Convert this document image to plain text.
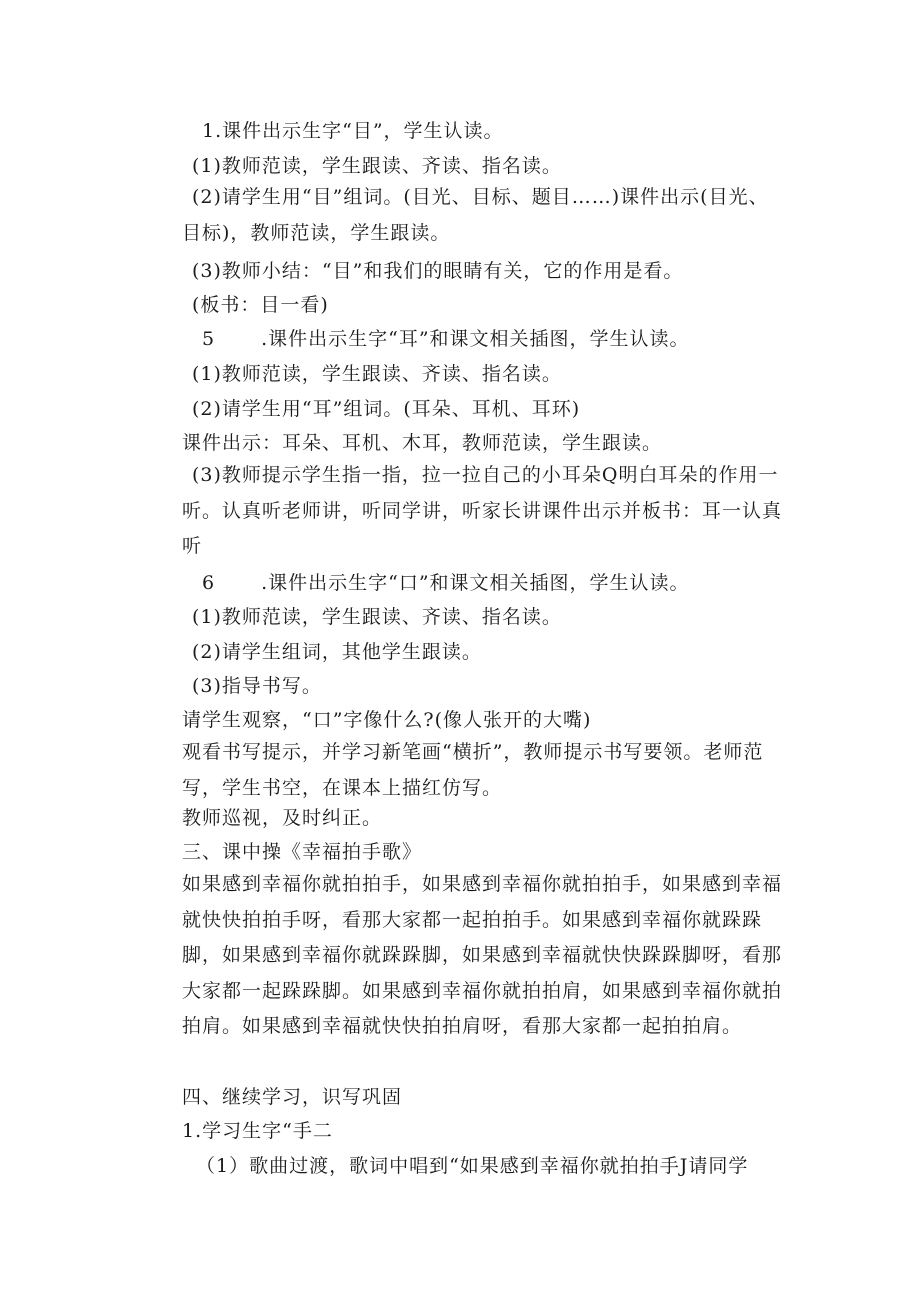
1.课件出示生字“目”，学生认读。
(1)教师范读，学生跟读、齐读、指名读。
(2)请学生用“目”组词。(目光、目标、题目……)课件出示(目光、目标)，教师范读，学生跟读。
(3)教师小结：“目”和我们的眼睛有关，它的作用是看。
(板书：目一看)
5 .课件出示生字“耳”和课文相关插图，学生认读。
(1)教师范读，学生跟读、齐读、指名读。
(2)请学生用“耳”组词。(耳朵、耳机、耳环)
课件出示：耳朵、耳机、木耳，教师范读，学生跟读。
(3)教师提示学生指一指，拉一拉自己的小耳朵Q明白耳朵的作用一听。认真听老师讲，听同学讲，听家长讲课件出示并板书：耳一认真听
6 .课件出示生字“口”和课文相关插图，学生认读。
(1)教师范读，学生跟读、齐读、指名读。
(2)请学生组词，其他学生跟读。
(3)指导书写。
请学生观察，“口”字像什么?(像人张开的大嘴)
观看书写提示，并学习新笔画“横折”，教师提示书写要领。老师范写，学生书空，在课本上描红仿写。
教师巡视，及时纠正。
三、课中操《幸福拍手歌》
如果感到幸福你就拍拍手，如果感到幸福你就拍拍手，如果感到幸福就快快拍拍手呀，看那大家都一起拍拍手。如果感到幸福你就跺跺脚，如果感到幸福你就跺跺脚，如果感到幸福就快快跺跺脚呀，看那大家都一起跺跺脚。如果感到幸福你就拍拍肩，如果感到幸福你就拍拍肩。如果感到幸福就快快拍拍肩呀，看那大家都一起拍拍肩。
四、继续学习，识写巩固
1.学习生字“手二
（1）歌曲过渡，歌词中唱到“如果感到幸福你就拍拍手J请同学
